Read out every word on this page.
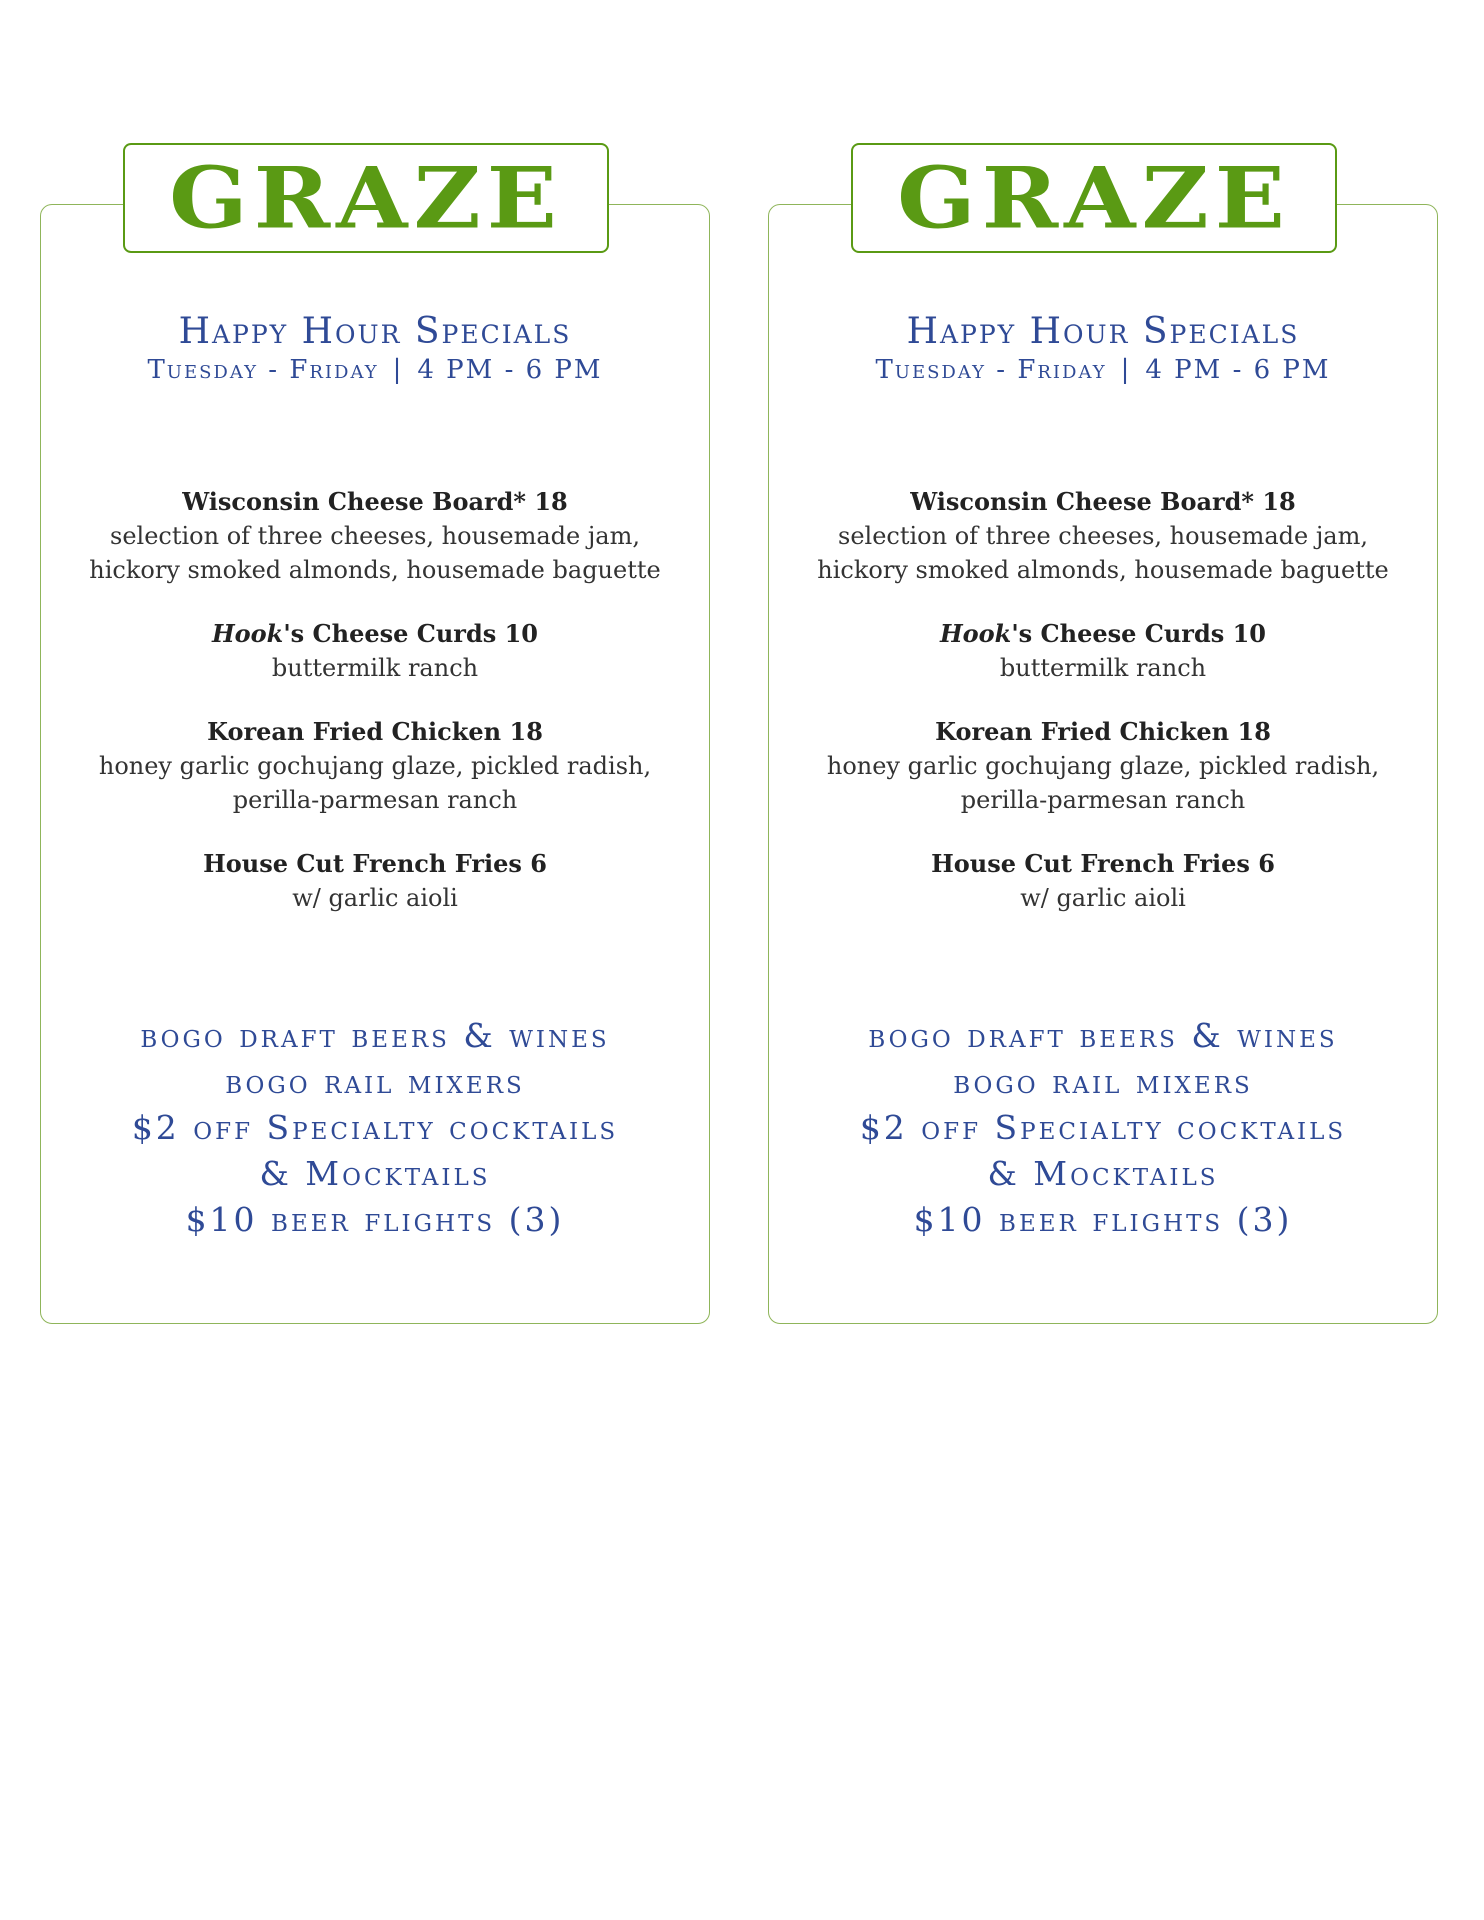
GRAZE
Happy Hour Specials
Tuesday - Friday | 4 PM - 6 PM
Wisconsin Cheese Board* 18
selection of three cheeses, housemade jam,
hickory smoked almonds, housemade baguette
Hook's Cheese Curds 10
buttermilk ranch
Korean Fried Chicken 18
honey garlic gochujang glaze, pickled radish,
perilla-parmesan ranch
House Cut French Fries 6
w/ garlic aioli
bogo draft beers & wines
bogo rail mixers
$2 off Specialty cocktails
& Mocktails
$10 beer flights (3)
GRAZE
Happy Hour Specials
Tuesday - Friday | 4 PM - 6 PM
Wisconsin Cheese Board* 18
selection of three cheeses, housemade jam,
hickory smoked almonds, housemade baguette
Hook's Cheese Curds 10
buttermilk ranch
Korean Fried Chicken 18
honey garlic gochujang glaze, pickled radish,
perilla-parmesan ranch
House Cut French Fries 6
w/ garlic aioli
bogo draft beers & wines
bogo rail mixers
$2 off Specialty cocktails
& Mocktails
$10 beer flights (3)
